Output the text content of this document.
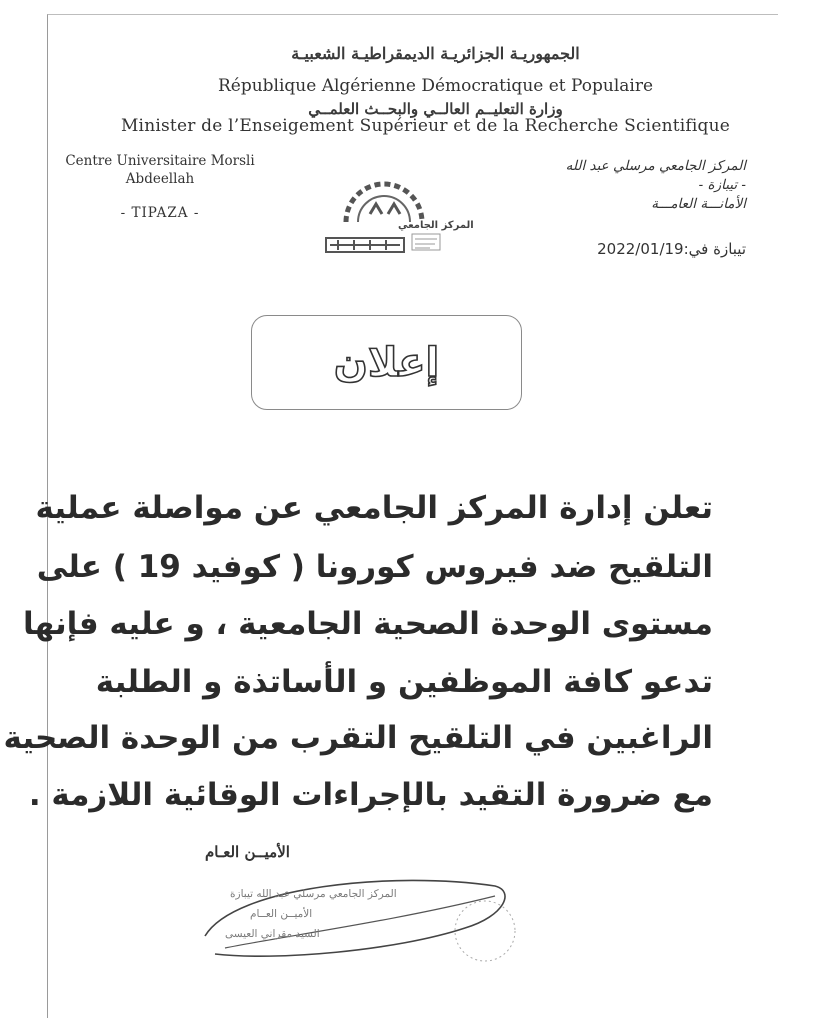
الجمهوريـة الجزائريـة الديمقراطيـة الشعبيـة
République Algérienne Démocratique et Populaire
وزارة التعليــم العالــي والبحــث العلمــي
Minister de l’Enseigement Supérieur et de la Recherche Scientifique
Centre Universitaire Morsli
Abdeellah
- TIPAZA -
المركز الجامعي مرسلي عبد الله
- تيبازة -
الأمانـــة العامـــة
تيبازة في:2022/01/19
المركز الجامعي
إعلان
تعلن إدارة المركز الجامعي عن مواصلة عملية
التلقيح ضد فيروس كورونا ( كوفيد 19 ) على
مستوى الوحدة الصحية الجامعية ، و عليه فإنها
تدعو كافة الموظفين و الأساتذة و الطلبة
الراغبين في التلقيح التقرب من الوحدة الصحية
مع ضرورة التقيد بالإجراءات الوقائية اللازمة .
الأميــن العـام
المركز الجامعي مرسلي عبد الله تيبازة
الأميــن العــام
السيد مقراني العيسى
